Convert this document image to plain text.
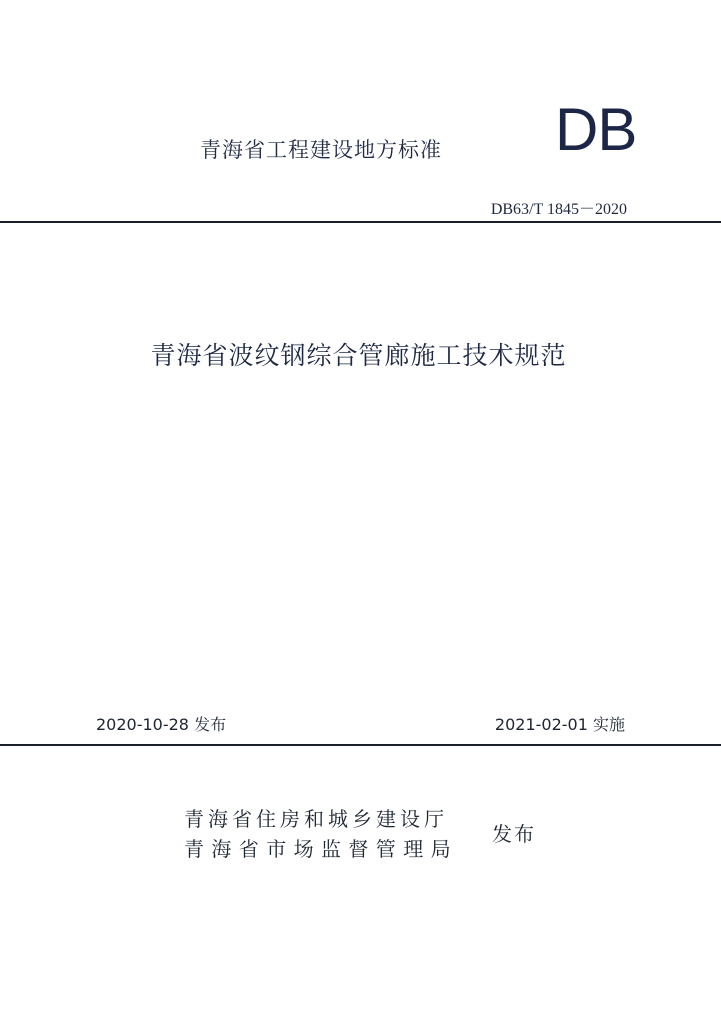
青海省工程建设地方标准 DB
DB63/T 1845－2020
青海省波纹钢综合管廊施工技术规范
2020-10-28 发布	2021-02-01 实施
青海省住房和城乡建设厅
青海省市场监督管理局
发布
